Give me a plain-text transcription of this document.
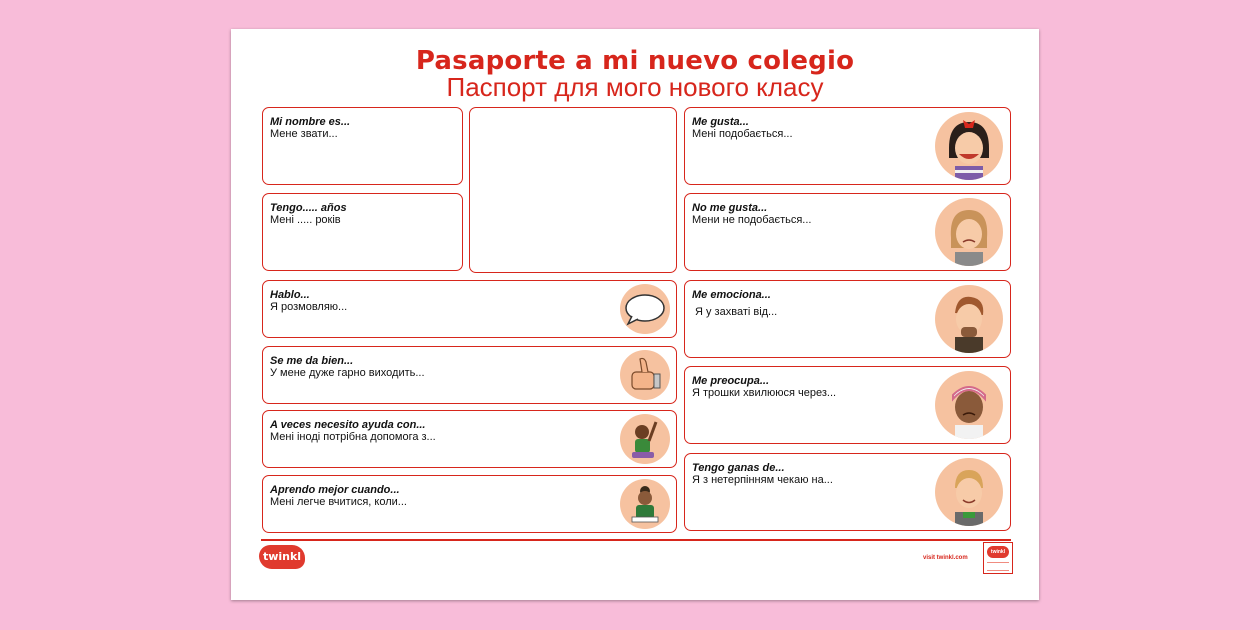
Pasaporte a mi nuevo colegio
Паспорт для мого нового класу
Mi nombre es...
Мене звати...
Tengo..... años
Мені ..... років
Hablo...
Я розмовляю...
Se me da bien...
У мене дуже гарно виходить...
A veces necesito ayuda con...
Мені іноді потрібна допомога з...
Aprendo mejor cuando...
Мені легче вчитися, коли...
Me gusta...
Мені подобається...
No me gusta...
Мени не подобається...
Me emociona...
Я у захваті від...
Me preocupa...
Я трошки хвилююся через...
Tengo ganas de...
Я з нетерпінням чекаю на...
twinkl	visit twinkl.com
twinkl
